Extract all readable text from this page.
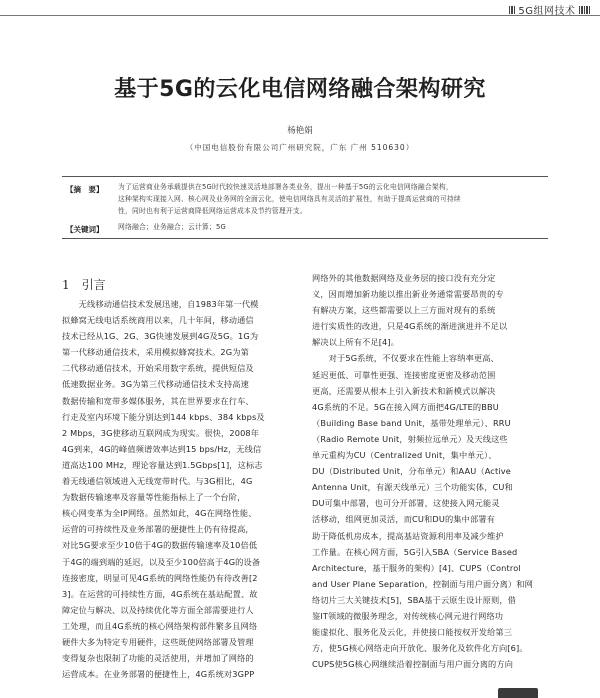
5G组网技术
基于5G的云化电信网络融合架构研究
杨艳娟
（中国电信股份有限公司广州研究院，广东 广州 510630）
【摘　要】 为了运营商业务承载提供在5G时代较快速灵活地部署各类业务，提出一种基于5G的云化电信网络融合架构，
这种架构实现接入网、核心网及业务网的全面云化，使电信网络具有灵活的扩展性，有助于提高运营商的可持续
性，同时也有利于运营商降低网络运营成本及节约管理开支。
【关键词】 网络融合；业务融合；云计算；5G
1　引言
　　无线移动通信技术发展迅速，自1983年第一代模
拟蜂窝无线电话系统商用以来，几十年间，移动通信
技术已经从1G、2G、3G快速发展到4G及5G。1G为
第一代移动通信技术，采用模拟蜂窝技术。2G为第
二代移动通信技术，开始采用数字系统，提供短信及
低速数据业务。3G为第三代移动通信技术支持高速
数据传输和宽带多媒体服务，其在世界要求在行车、
行走及室内环境下能分别达到144 kbps、384 kbps及
2 Mbps，3G使移动互联网成为现实。很快，2008年
4G到来，4G的峰值频谱效率达到15 bps/Hz，无线信
道高达100 MHz，理论容量达到1.5Gbps[1]，这标志
着无线通信领域进入无线宽带时代。与3G相比，4G
为数据传输速率及容量等性能指标上了一个台阶，
核心网变革为全IP网络。虽然如此，4G在网络性能、
运营的可持续性及业务部署的便捷性上仍有待提高，
对比5G要求至少10倍于4G的数据传输速率及10倍低
于4G的端到端的延迟，以及至少100倍高于4G的设备
连接密度，明显可见4G系统的网络性能仍有待改善[2
3]。在运营的可持续性方面，4G系统在基站配置、故
障定位与解决、以及持续优化等方面全部需要进行人
工处理，而且4G系统的核心网络架构部件繁多且网络
硬件大多为特定专用硬件，这些既使网络部署及管理
变得复杂也限制了功能的灵活使用，并增加了网络的
运营成本。在业务部署的便捷性上，4G系统对3GPP
网络外的其他数据网络及业务层的接口没有充分定
义，因而增加新功能以推出新业务通常需要昂贵的专
有解决方案，这些都需要以上三方面对现有的系统
进行实质性的改进，只是4G系统的渐进演进并不足以
解决以上所有不足[4]。
　　对于5G系统，不仅要求在性能上容纳率更高、
延迟更低、可靠性更强、连接密度更密及移动范围
更高，还需要从根本上引入新技术和新模式以解决
4G系统的不足。5G在接入网方面把4G/LTE的BBU
（Building Base band Unit，基带处理单元）、RRU
（Radio Remote Unit，射频拉远单元）及天线这些
单元重构为CU（Centralized Unit，集中单元）、
DU（Distributed Unit，分布单元）和AAU（Active
Antenna Unit，有源天线单元）三个功能实体，CU和
DU可集中部署，也可分开部署，这使接入网元能灵
活移动，组网更加灵活，而CU和DU的集中部署有
助于降低机房成本，提高基站资源利用率及减少维护
工作量。在核心网方面，5G引入SBA（Service Based
Architecture，基于服务的架构）[4]、CUPS（Control
and User Plane Separation，控制面与用户面分离）和网
络切片三大关键技术[5]，SBA基于云原生设计原则，借
鉴IT领域的微服务理念，对传统核心网元进行网络功
能虚拟化、服务化及云化，并使接口能按权开发给第三
方，使5G核心网络走向开放化、服务化及软件化方向[6]。
CUPS使5G核心网继续沿着控制面与用户面分离的方向
